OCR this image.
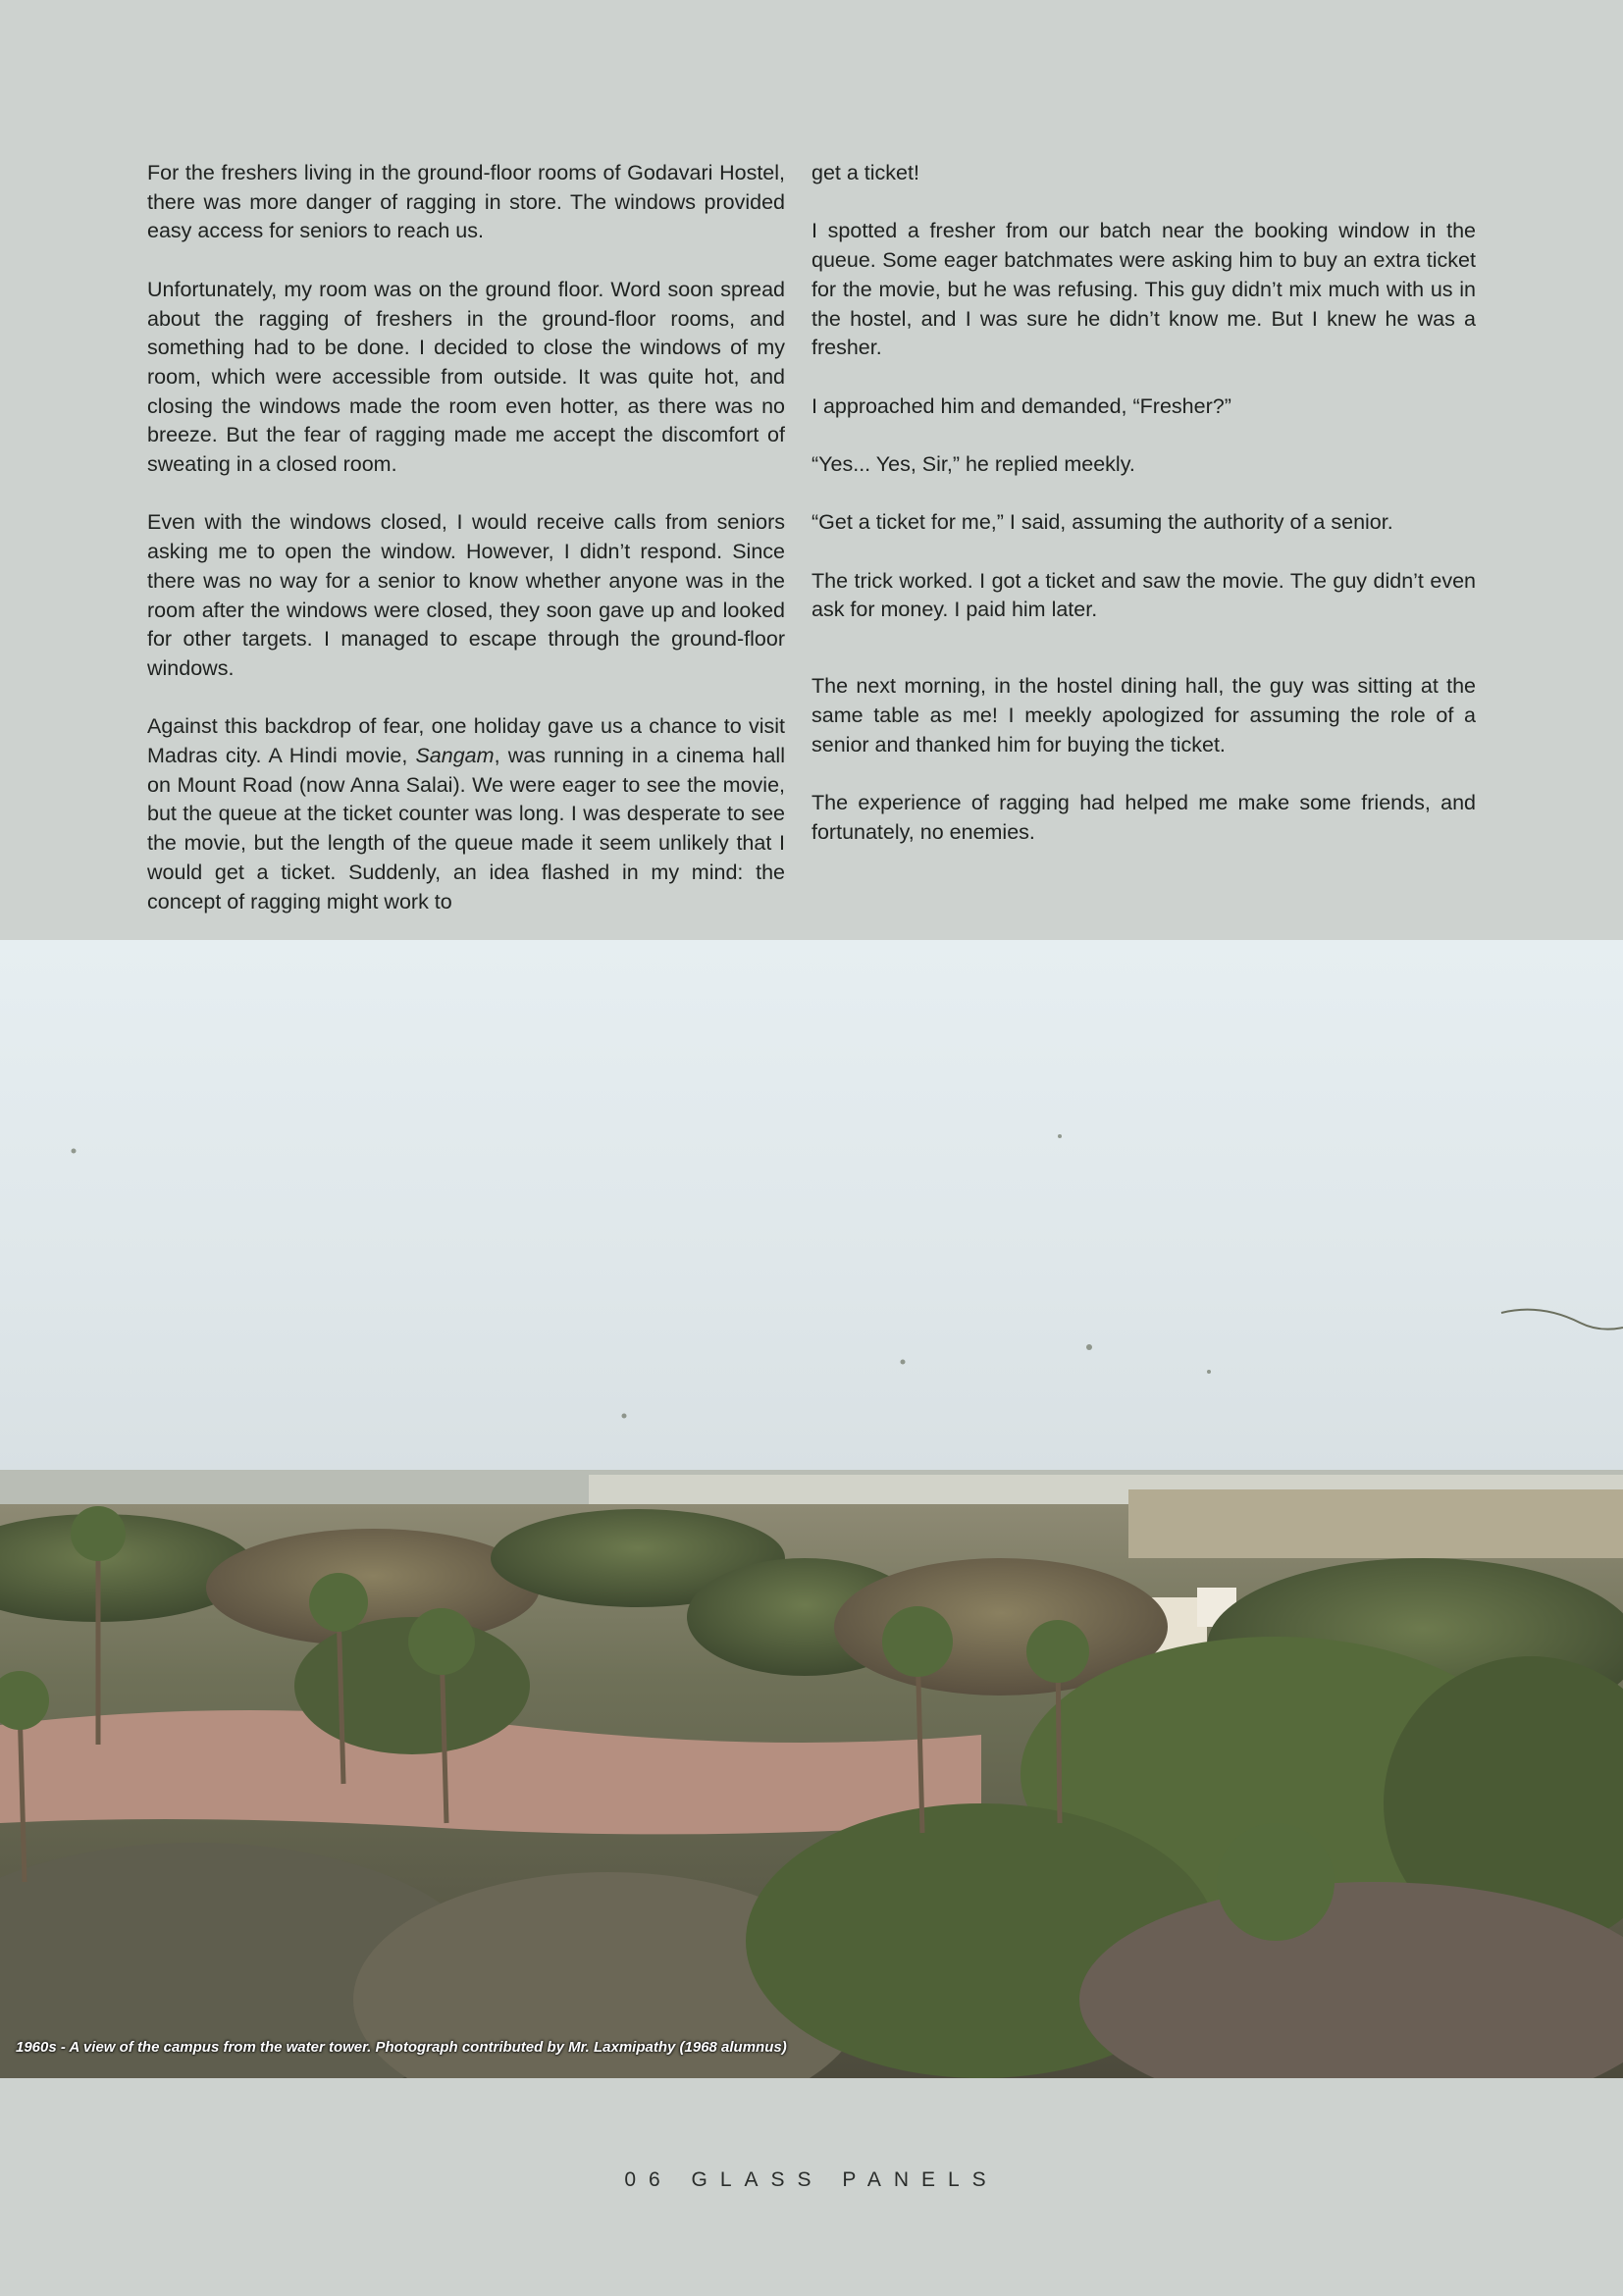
For the freshers living in the ground-floor rooms of Godavari Hostel, there was more danger of ragging in store. The windows provided easy access for seniors to reach us.

Unfortunately, my room was on the ground floor. Word soon spread about the ragging of freshers in the ground-floor rooms, and something had to be done. I decided to close the windows of my room, which were accessible from outside. It was quite hot, and closing the windows made the room even hotter, as there was no breeze. But the fear of ragging made me accept the discomfort of sweating in a closed room.

Even with the windows closed, I would receive calls from seniors asking me to open the window. However, I didn’t respond. Since there was no way for a senior to know whether anyone was in the room after the windows were closed, they soon gave up and looked for other targets. I managed to escape through the ground-floor windows.

Against this backdrop of fear, one holiday gave us a chance to visit Madras city. A Hindi movie, Sangam, was running in a cinema hall on Mount Road (now Anna Salai). We were eager to see the movie, but the queue at the ticket counter was long. I was desperate to see the movie, but the length of the queue made it seem unlikely that I would get a ticket. Suddenly, an idea flashed in my mind: the concept of ragging might work to

get a ticket!

I spotted a fresher from our batch near the booking window in the queue. Some eager batchmates were asking him to buy an extra ticket for the movie, but he was refusing. This guy didn’t mix much with us in the hostel, and I was sure he didn’t know me. But I knew he was a fresher.

I approached him and demanded, “Fresher?”

“Yes... Yes, Sir,” he replied meekly.

“Get a ticket for me,” I said, assuming the authority of a senior.

The trick worked. I got a ticket and saw the movie. The guy didn’t even ask for money. I paid him later.

The next morning, in the hostel dining hall, the guy was sitting at the same table as me! I meekly apologized for assuming the role of a senior and thanked him for buying the ticket.

The experience of ragging had helped me make some friends, and fortunately, no enemies.

1960s - A view of the campus from the water tower. Photograph contributed by Mr. Laxmipathy (1968 alumnus)
06 GLASS PANELS
